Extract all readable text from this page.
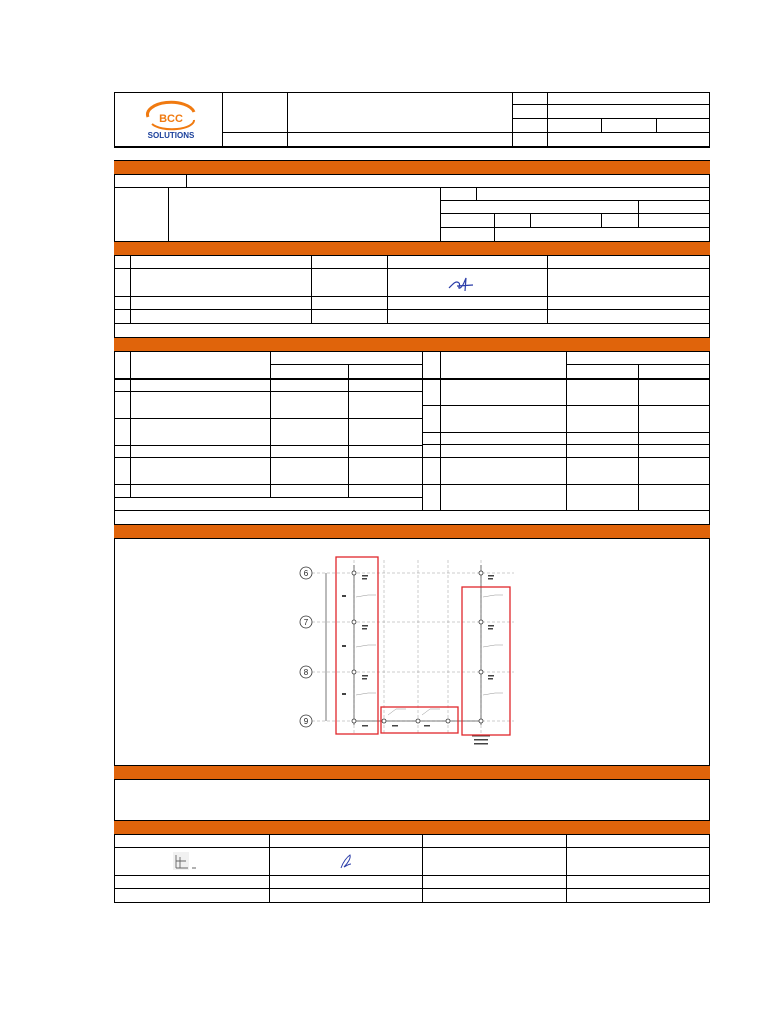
BCC
SOLUTIONS
6
7
8
9
